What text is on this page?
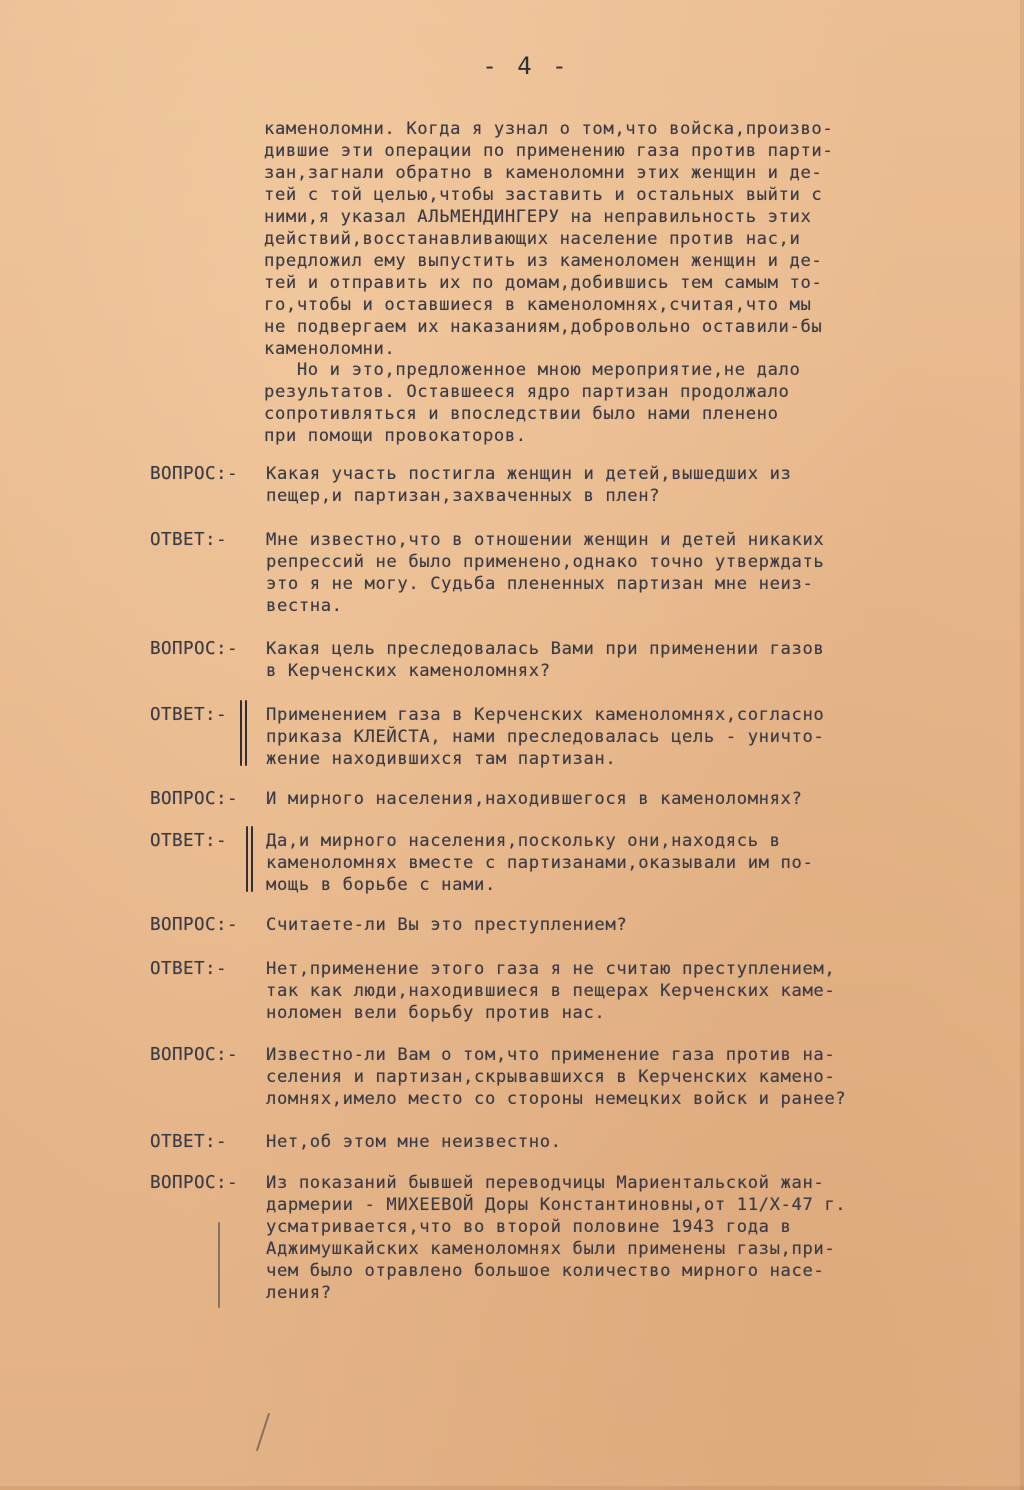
- 4 -
каменоломни. Когда я узнал о том,что войска,произво-
дившие эти операции по применению газа против парти-
зан,загнали обратно в каменоломни этих женщин и де-
тей с той целью,чтобы заставить и остальных выйти с
ними,я указал АЛЬМЕНДИНГЕРУ на неправильность этих
действий,восстанавливающих население против нас,и
предложил ему выпустить из каменоломен женщин и де-
тей и отправить их по домам,добившись тем самым то-
го,чтобы и оставшиеся в каменоломнях,считая,что мы
не подвергаем их наказаниям,добровольно оставили-бы
каменоломни.
Но и это,предложенное мною мероприятие,не дало
результатов. Оставшееся ядро партизан продолжало
сопротивляться и впоследствии было нами пленено
при помощи провокаторов.
ВОПРОС:- Какая участь постигла женщин и детей,вышедших из
пещер,и партизан,захваченных в плен?
ОТВЕТ:- Мне известно,что в отношении женщин и детей никаких
репрессий не было применено,однако точно утверждать
это я не могу. Судьба плененных партизан мне неиз-
вестна.
ВОПРОС:- Какая цель преследовалась Вами при применении газов
в Керченских каменоломнях?
ОТВЕТ:- Применением газа в Керченских каменоломнях,согласно
приказа КЛЕЙСТА, нами преследовалась цель - уничто-
жение находившихся там партизан.
ВОПРОС:- И мирного населения,находившегося в каменоломнях?
ОТВЕТ:- Да,и мирного населения,поскольку они,находясь в
каменоломнях вместе с партизанами,оказывали им по-
мощь в борьбе с нами.
ВОПРОС:- Считаете-ли Вы это преступлением?
ОТВЕТ:- Нет,применение этого газа я не считаю преступлением,
так как люди,находившиеся в пещерах Керченских каме-
ноломен вели борьбу против нас.
ВОПРОС:- Известно-ли Вам о том,что применение газа против на-
селения и партизан,скрывавшихся в Керченских камено-
ломнях,имело место со стороны немецких войск и ранее?
ОТВЕТ:- Нет,об этом мне неизвестно.
ВОПРОС:- Из показаний бывшей переводчицы Мариентальской жан-
дармерии - МИХЕЕВОЙ Доры Константиновны,от 11/Х-47 г.
усматривается,что во второй половине 1943 года в
Аджимушкайских каменоломнях были применены газы,при-
чем было отравлено большое количество мирного насе-
ления?
